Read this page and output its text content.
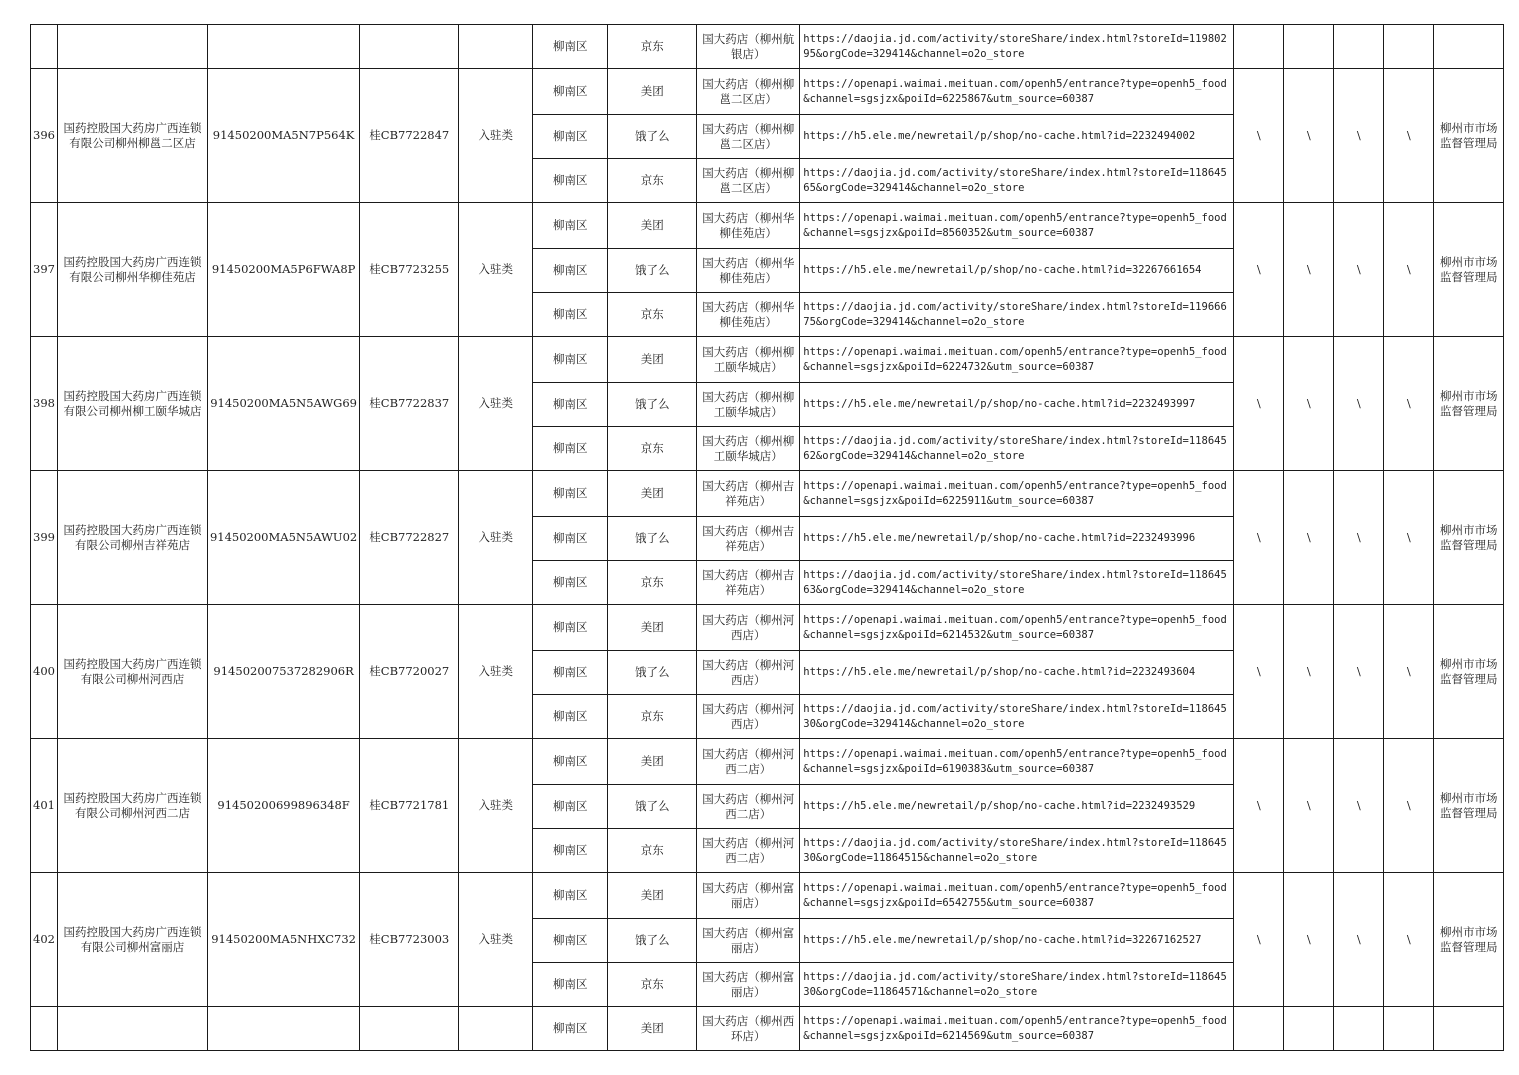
					柳南区	京东	国大药店（柳州航银店）	https://daojia.jd.com/activity/storeShare/index.html?storeId=11980295&orgCode=329414&channel=o2o_store					
396	国药控股国大药房广西连锁有限公司柳州柳邕二区店	91450200MA5N7P564K	桂CB7722847	入驻类	柳南区	美团	国大药店（柳州柳邕二区店）	https://openapi.waimai.meituan.com/openh5/entrance?type=openh5_food&channel=sgsjzx&poiId=6225867&utm_source=60387	\	\	\	\	柳州市市场监督管理局
					柳南区	饿了么	国大药店（柳州柳邕二区店）	https://h5.ele.me/newretail/p/shop/no-cache.html?id=2232494002					
					柳南区	京东	国大药店（柳州柳邕二区店）	https://daojia.jd.com/activity/storeShare/index.html?storeId=11864565&orgCode=329414&channel=o2o_store					
397	国药控股国大药房广西连锁有限公司柳州华柳佳苑店	91450200MA5P6FWA8P	桂CB7723255	入驻类	柳南区	美团	国大药店（柳州华柳佳苑店）	https://openapi.waimai.meituan.com/openh5/entrance?type=openh5_food&channel=sgsjzx&poiId=8560352&utm_source=60387	\	\	\	\	柳州市市场监督管理局
					柳南区	饿了么	国大药店（柳州华柳佳苑店）	https://h5.ele.me/newretail/p/shop/no-cache.html?id=32267661654					
					柳南区	京东	国大药店（柳州华柳佳苑店）	https://daojia.jd.com/activity/storeShare/index.html?storeId=11966675&orgCode=329414&channel=o2o_store					
398	国药控股国大药房广西连锁有限公司柳州柳工颐华城店	91450200MA5N5AWG69	桂CB7722837	入驻类	柳南区	美团	国大药店（柳州柳工颐华城店）	https://openapi.waimai.meituan.com/openh5/entrance?type=openh5_food&channel=sgsjzx&poiId=6224732&utm_source=60387	\	\	\	\	柳州市市场监督管理局
					柳南区	饿了么	国大药店（柳州柳工颐华城店）	https://h5.ele.me/newretail/p/shop/no-cache.html?id=2232493997					
					柳南区	京东	国大药店（柳州柳工颐华城店）	https://daojia.jd.com/activity/storeShare/index.html?storeId=11864562&orgCode=329414&channel=o2o_store					
399	国药控股国大药房广西连锁有限公司柳州吉祥苑店	91450200MA5N5AWU02	桂CB7722827	入驻类	柳南区	美团	国大药店（柳州吉祥苑店）	https://openapi.waimai.meituan.com/openh5/entrance?type=openh5_food&channel=sgsjzx&poiId=6225911&utm_source=60387	\	\	\	\	柳州市市场监督管理局
					柳南区	饿了么	国大药店（柳州吉祥苑店）	https://h5.ele.me/newretail/p/shop/no-cache.html?id=2232493996					
					柳南区	京东	国大药店（柳州吉祥苑店）	https://daojia.jd.com/activity/storeShare/index.html?storeId=11864563&orgCode=329414&channel=o2o_store					
400	国药控股国大药房广西连锁有限公司柳州河西店	914502007537282906R	桂CB7720027	入驻类	柳南区	美团	国大药店（柳州河西店）	https://openapi.waimai.meituan.com/openh5/entrance?type=openh5_food&channel=sgsjzx&poiId=6214532&utm_source=60387	\	\	\	\	柳州市市场监督管理局
					柳南区	饿了么	国大药店（柳州河西店）	https://h5.ele.me/newretail/p/shop/no-cache.html?id=2232493604					
					柳南区	京东	国大药店（柳州河西店）	https://daojia.jd.com/activity/storeShare/index.html?storeId=11864530&orgCode=329414&channel=o2o_store					
401	国药控股国大药房广西连锁有限公司柳州河西二店	91450200699896348F	桂CB7721781	入驻类	柳南区	美团	国大药店（柳州河西二店）	https://openapi.waimai.meituan.com/openh5/entrance?type=openh5_food&channel=sgsjzx&poiId=6190383&utm_source=60387	\	\	\	\	柳州市市场监督管理局
					柳南区	饿了么	国大药店（柳州河西二店）	https://h5.ele.me/newretail/p/shop/no-cache.html?id=2232493529					
					柳南区	京东	国大药店（柳州河西二店）	https://daojia.jd.com/activity/storeShare/index.html?storeId=11864530&orgCode=11864515&channel=o2o_store					
402	国药控股国大药房广西连锁有限公司柳州富丽店	91450200MA5NHXC732	桂CB7723003	入驻类	柳南区	美团	国大药店（柳州富丽店）	https://openapi.waimai.meituan.com/openh5/entrance?type=openh5_food&channel=sgsjzx&poiId=6542755&utm_source=60387	\	\	\	\	柳州市市场监督管理局
					柳南区	饿了么	国大药店（柳州富丽店）	https://h5.ele.me/newretail/p/shop/no-cache.html?id=32267162527					
					柳南区	京东	国大药店（柳州富丽店）	https://daojia.jd.com/activity/storeShare/index.html?storeId=11864530&orgCode=11864571&channel=o2o_store					
					柳南区	美团	国大药店（柳州西环店）	https://openapi.waimai.meituan.com/openh5/entrance?type=openh5_food&channel=sgsjzx&poiId=6214569&utm_source=60387					
